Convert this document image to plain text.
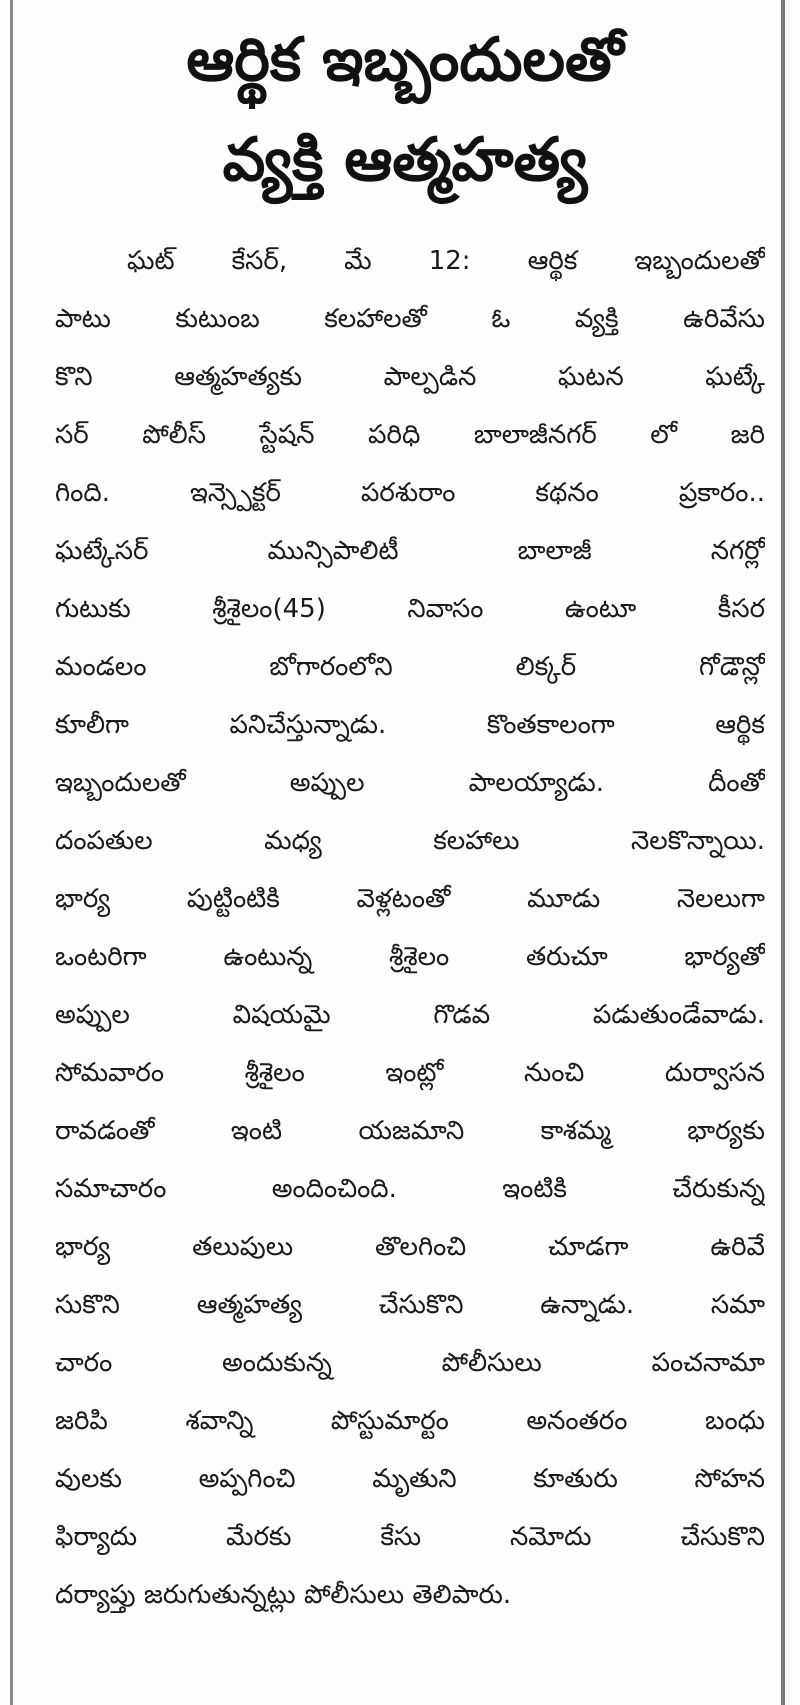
ఆర్థిక ఇబ్బందులతో
వ్యక్తి ఆత్మహత్య
ఘట్ కేసర్, మే 12: ఆర్థిక ఇబ్బందులతో
పాటు కుటుంబ కలహాలతో ఓ వ్యక్తి ఉరివేసు
కొని ఆత్మహత్యకు పాల్పడిన ఘటన ఘట్కే
సర్ పోలీస్ స్టేషన్ పరిధి బాలాజీనగర్ లో జరి
గింది. ఇన్స్పెక్టర్ పరశురాం కథనం ప్రకారం..
ఘట్కేసర్ మున్సిపాలిటీ బాలాజీ నగర్లో
గుటుకు శ్రీశైలం(45) నివాసం ఉంటూ కీసర
మండలం బోగారంలోని లిక్కర్ గోడౌన్లో
కూలీగా పనిచేస్తున్నాడు. కొంతకాలంగా ఆర్థిక
ఇబ్బందులతో అప్పుల పాలయ్యాడు. దీంతో
దంపతుల మధ్య కలహాలు నెలకొన్నాయి.
భార్య పుట్టింటికి వెళ్లటంతో మూడు నెలలుగా
ఒంటరిగా ఉంటున్న శ్రీశైలం తరుచూ భార్యతో
అప్పుల విషయమై గొడవ పడుతుండేవాడు.
సోమవారం శ్రీశైలం ఇంట్లో నుంచి దుర్వాసన
రావడంతో ఇంటి యజమాని కాశమ్మ భార్యకు
సమాచారం అందించింది. ఇంటికి చేరుకున్న
భార్య తలుపులు తొలగించి చూడగా ఉరివే
సుకొని ఆత్మహత్య చేసుకొని ఉన్నాడు. సమా
చారం అందుకున్న పోలీసులు పంచనామా
జరిపి శవాన్ని పోస్టుమార్టం అనంతరం బంధు
వులకు అప్పగించి మృతుని కూతురు సోహన
ఫిర్యాదు మేరకు కేసు నమోదు చేసుకొని
దర్యాప్తు జరుగుతున్నట్లు పోలీసులు తెలిపారు.
